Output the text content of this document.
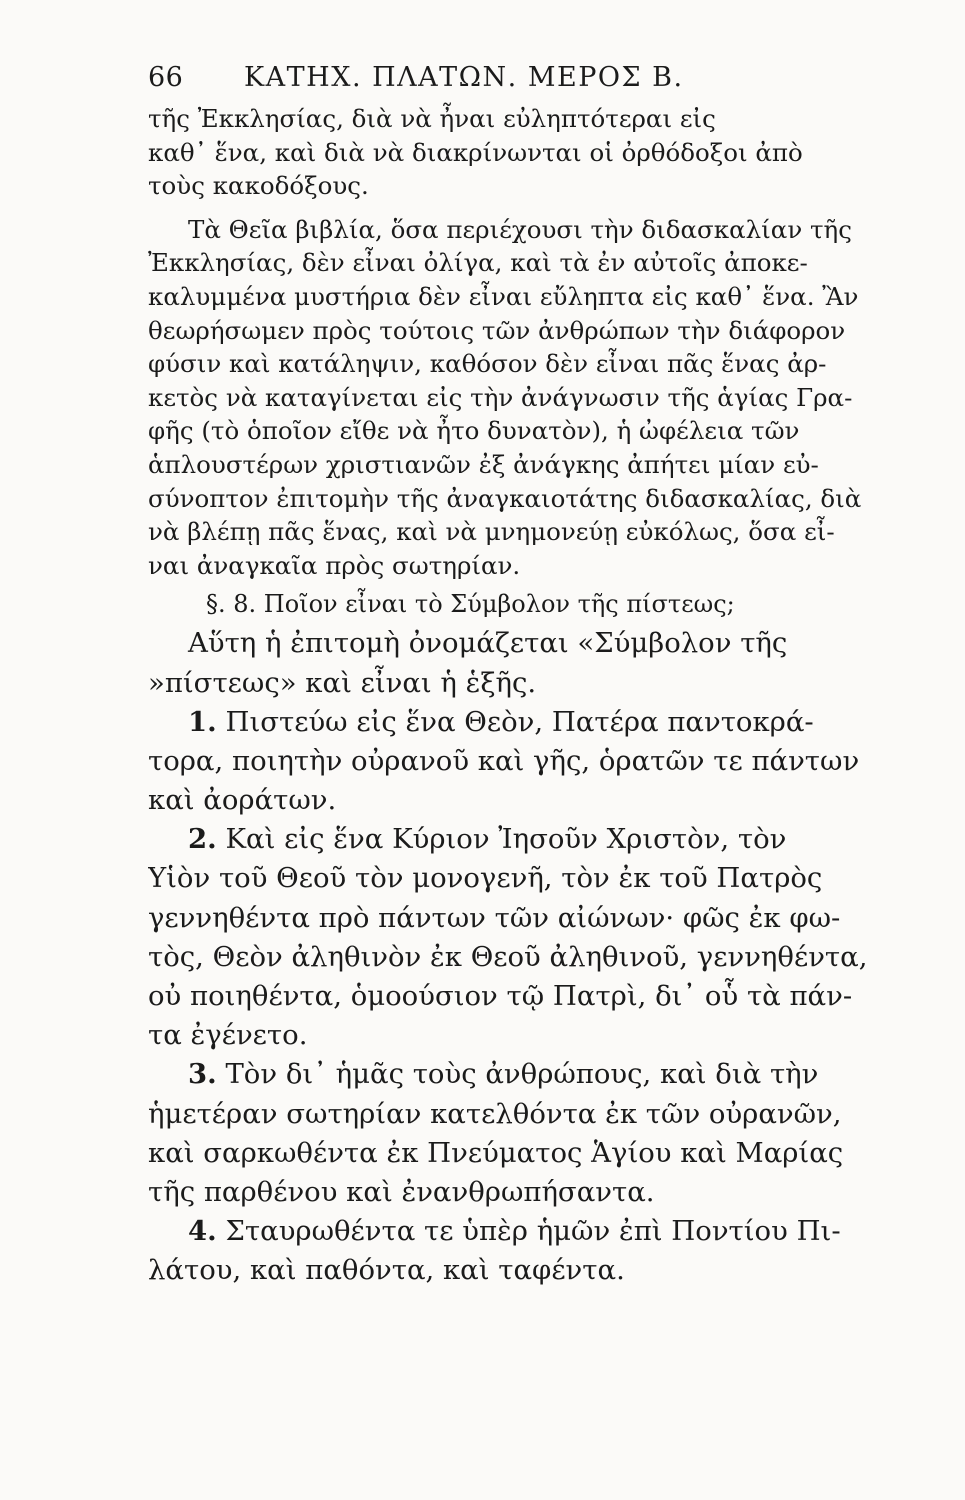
66	ΚΑΤΗΧ. ΠΛΑΤΩΝ. ΜΕΡΟΣ Β.
τῆς Ἐκκλησίας, διὰ νὰ ἦναι εὐληπτότεραι εἰς
καθ᾽ ἕνα, καὶ διὰ νὰ διακρίνωνται οἱ ὀρθόδοξοι ἀπὸ
τοὺς κακοδόξους.
Τὰ Θεῖα βιβλία, ὅσα περιέχουσι τὴν διδασκαλίαν τῆς
Ἐκκλησίας, δὲν εἶναι ὀλίγα, καὶ τὰ ἐν αὐτοῖς ἀποκε-
καλυμμένα μυστήρια δὲν εἶναι εὔληπτα εἰς καθ᾽ ἕνα. Ἂν
θεωρήσωμεν πρὸς τούτοις τῶν ἀνθρώπων τὴν διάφορον
φύσιν καὶ κατάληψιν, καθόσον δὲν εἶναι πᾶς ἕνας ἀρ-
κετὸς νὰ καταγίνεται εἰς τὴν ἀνάγνωσιν τῆς ἁγίας Γρα-
φῆς (τὸ ὁποῖον εἴθε νὰ ἦτο δυνατὸν), ἡ ὠφέλεια τῶν
ἁπλουστέρων χριστιανῶν ἐξ ἀνάγκης ἀπήτει μίαν εὐ-
σύνοπτον ἐπιτομὴν τῆς ἀναγκαιοτάτης διδασκαλίας, διὰ
νὰ βλέπῃ πᾶς ἕνας, καὶ νὰ μνημονεύῃ εὐκόλως, ὅσα εἶ-
ναι ἀναγκαῖα πρὸς σωτηρίαν.
§. 8. Ποῖον εἶναι τὸ Σύμβολον τῆς πίστεως;
Αὕτη ἡ ἐπιτομὴ ὀνομάζεται «Σύμβολον τῆς
»πίστεως» καὶ εἶναι ἡ ἑξῆς.
1. Πιστεύω εἰς ἕνα Θεὸν, Πατέρα παντοκρά-
τορα, ποιητὴν οὐρανοῦ καὶ γῆς, ὁρατῶν τε πάντων
καὶ ἀοράτων.
2. Καὶ εἰς ἕνα Κύριον Ἰησοῦν Χριστὸν, τὸν
Υἱὸν τοῦ Θεοῦ τὸν μονογενῆ, τὸν ἐκ τοῦ Πατρὸς
γεννηθέντα πρὸ πάντων τῶν αἰώνων· φῶς ἐκ φω-
τὸς, Θεὸν ἀληθινὸν ἐκ Θεοῦ ἀληθινοῦ, γεννηθέντα,
οὐ ποιηθέντα, ὁμοούσιον τῷ Πατρὶ, δι᾽ οὗ τὰ πάν-
τα ἐγένετο.
3. Τὸν δι᾽ ἡμᾶς τοὺς ἀνθρώπους, καὶ διὰ τὴν
ἡμετέραν σωτηρίαν κατελθόντα ἐκ τῶν οὐρανῶν,
καὶ σαρκωθέντα ἐκ Πνεύματος Ἁγίου καὶ Μαρίας
τῆς παρθένου καὶ ἐνανθρωπήσαντα.
4. Σταυρωθέντα τε ὑπὲρ ἡμῶν ἐπὶ Ποντίου Πι-
λάτου, καὶ παθόντα, καὶ ταφέντα.
